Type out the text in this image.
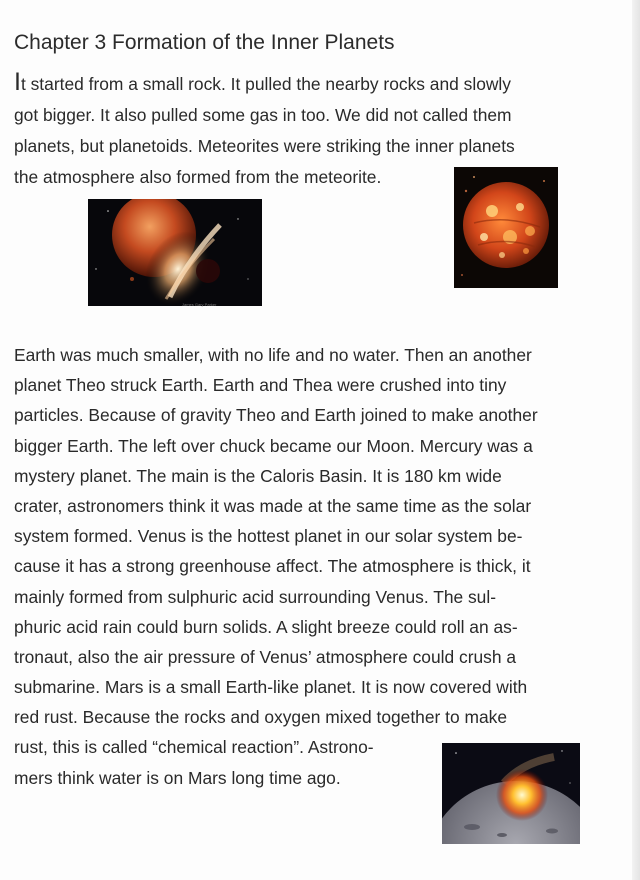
Chapter 3 Formation of the Inner Planets
It started from a small rock. It pulled the nearby rocks and slowly
got bigger. It also pulled some gas in too. We did not called them
planets, but planetoids. Meteorites were striking the inner planets
the atmosphere also formed from the meteorite.
James Gary Parker
Earth was much smaller, with no life and no water. Then an another
planet Theo struck Earth. Earth and Thea were crushed into tiny
particles. Because of gravity Theo and Earth joined to make another
bigger Earth. The left over chuck became our Moon. Mercury was a
mystery planet. The main is the Caloris Basin. It is 180 km wide
crater, astronomers think it was made at the same time as the solar
system formed. Venus is the hottest planet in our solar system be-
cause it has a strong greenhouse affect. The atmosphere is thick, it
mainly formed from sulphuric acid surrounding Venus. The sul-
phuric acid rain could burn solids. A slight breeze could roll an as-
tronaut, also the air pressure of Venus’ atmosphere could crush a
submarine. Mars is a small Earth-like planet. It is now covered with
red rust. Because the rocks and oxygen mixed together to make
rust, this is called “chemical reaction”. Astrono-
mers think water is on Mars long time ago.
